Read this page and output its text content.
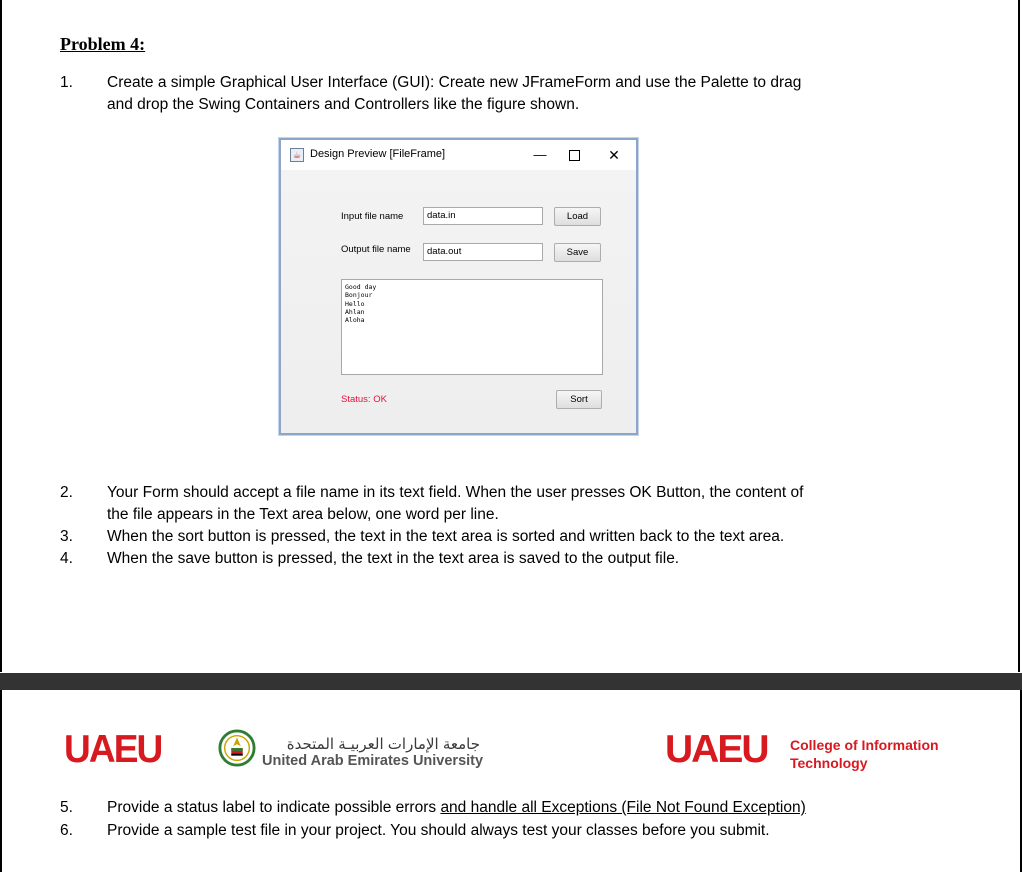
Problem 4:
1.	Create a simple Graphical User Interface (GUI): Create new JFrameForm and use the Palette to drag
and drop the Swing Containers and Controllers like the figure shown.
☕ Design Preview [FileFrame]	—	✕
Input file name	data.in	Load
Output file name	data.out	Save
Good day
Bonjour
Hello
Ahlan
Aloha
Status: OK	Sort
2.	Your Form should accept a file name in its text field. When the user presses OK Button, the content of
the file appears in the Text area below, one word per line.
3.	When the sort button is pressed, the text in the text area is sorted and written back to the text area.
4.	When the save button is pressed, the text in the text area is saved to the output file.
UAEU	جامعة الإمارات العربيـة المتحدة
United Arab Emirates University	UAEU College of Information
Technology
5.	Provide a status label to indicate possible errors and handle all Exceptions (File Not Found Exception)
6.	Provide a sample test file in your project. You should always test your classes before you submit.
